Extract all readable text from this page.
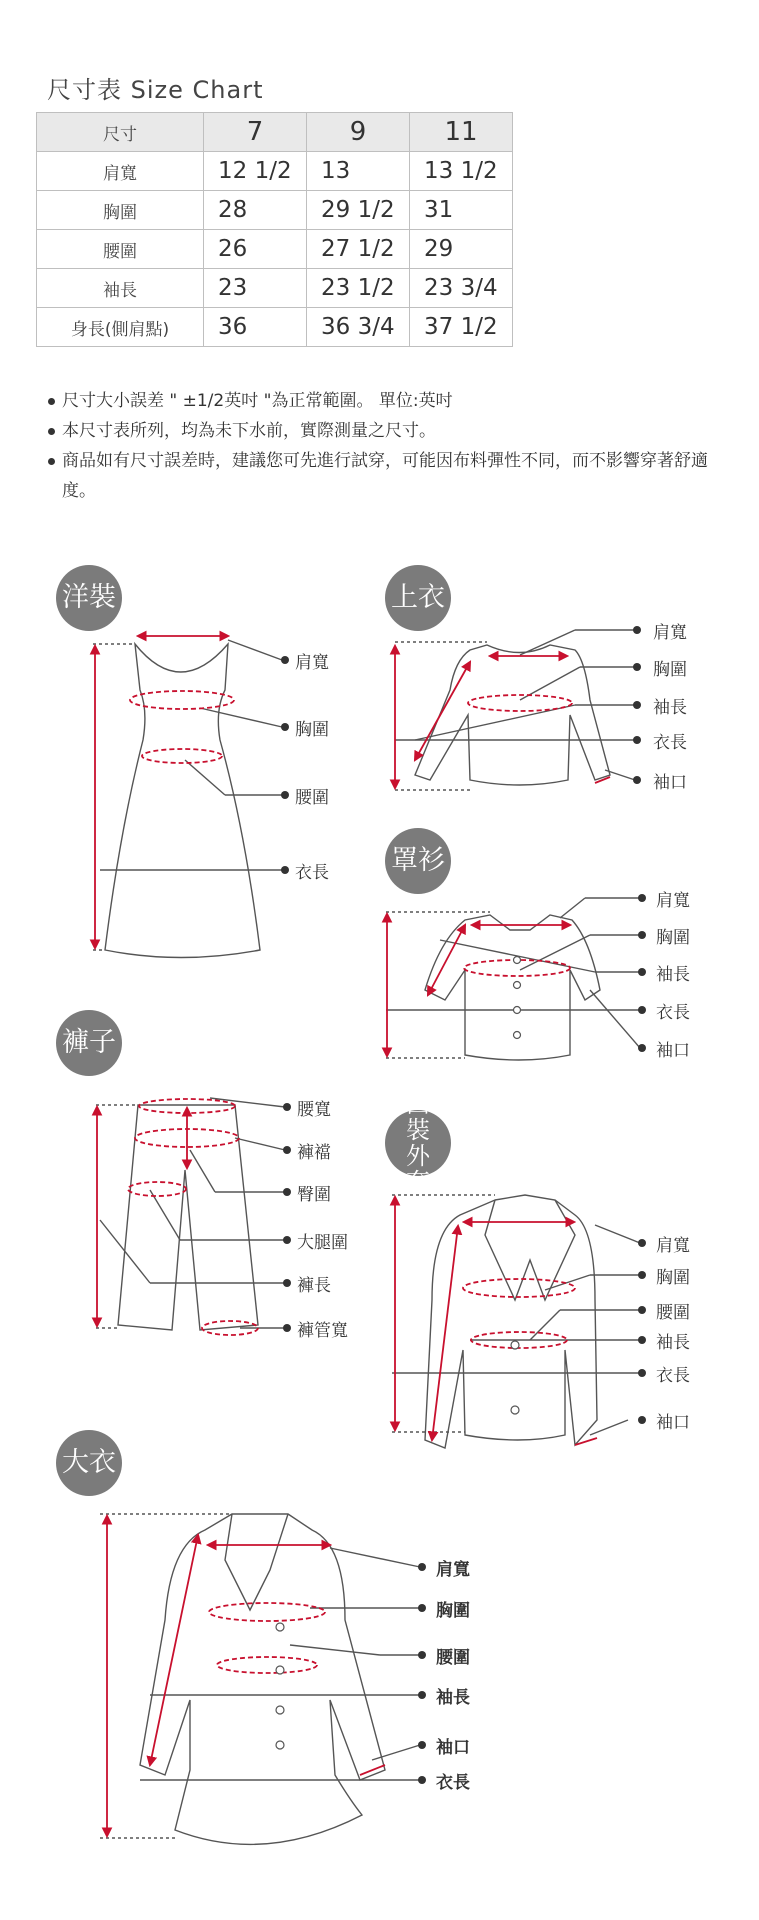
尺寸表 Size Chart
尺寸	7	9	11
肩寬	12 1/2	13	13 1/2
胸圍	28	29 1/2	31
腰圍	26	27 1/2	29
袖長	23	23 1/2	23 3/4
身長(側肩點)	36	36 3/4	37 1/2
尺寸大小誤差 " ±1/2英吋 "為正常範圍。 單位:英吋
本尺寸表所列，均為未下水前，實際測量之尺寸。
商品如有尺寸誤差時，建議您可先進行試穿，可能因布料彈性不同，而不影響穿著舒適度。
洋裝	上衣
罩衫
褲子
西裝外套
大衣
肩寬
胸圍
腰圍
衣長
肩寬
胸圍
袖長
衣長
袖口
肩寬
胸圍
袖長
衣長
袖口
腰寬
褲襠
臀圍
大腿圍
褲長
褲管寬
肩寬
胸圍
腰圍
袖長
衣長
袖口
肩寬
胸圍
腰圍
袖長
袖口
衣長
